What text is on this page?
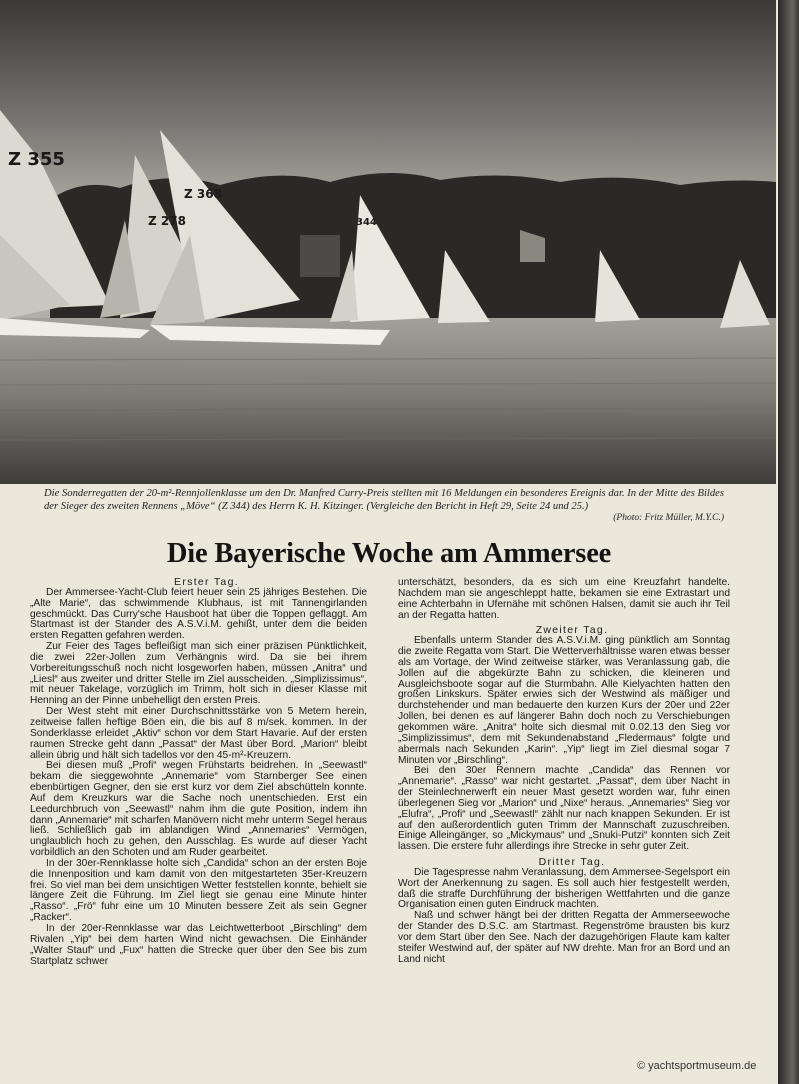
Z 355
Z 278
Z 368
344
Die Sonderregatten der 20-m²-Rennjollenklasse um den Dr. Manfred Curry-Preis stellten mit 16 Meldungen ein besonderes Ereignis dar. In der Mitte des Bildes der Sieger des zweiten Rennens „Möve“ (Z 344) des Herrn K. H. Kitzinger. (Vergleiche den Bericht in Heft 29, Seite 24 und 25.)
(Photo: Fritz Müller, M.Y.C.)
Die Bayerische Woche am Ammersee

Erster Tag.

Der Ammersee-Yacht-Club feiert heuer sein 25 jähriges Bestehen. Die „Alte Marie“, das schwimmende Klubhaus, ist mit Tannengirlanden geschmückt. Das Curry'sche Hausboot hat über die Toppen geflaggt. Am Startmast ist der Stander des A.S.V.i.M. gehißt, unter dem die beiden ersten Regatten gefahren werden.

Zur Feier des Tages befleißigt man sich einer präzisen Pünktlichkeit, die zwei 22er-Jollen zum Verhängnis wird. Da sie bei ihrem Vorbereitungsschuß noch nicht losgeworfen haben, müssen „Anitra“ und „Liesl“ aus zweiter und dritter Stelle im Ziel ausscheiden. „Simplizissimus“, mit neuer Takelage, vorzüglich im Trimm, holt sich in dieser Klasse mit Henning an der Pinne unbehelligt den ersten Preis.

Der West steht mit einer Durchschnittsstärke von 5 Metern herein, zeitweise fallen heftige Böen ein, die bis auf 8 m/sek. kommen. In der Sonderklasse erleidet „Aktiv“ schon vor dem Start Havarie. Auf der ersten raumen Strecke geht dann „Passat“ der Mast über Bord. „Marion“ bleibt allein übrig und hält sich tadellos vor den 45-m²-Kreuzern.

Bei diesen muß „Profi“ wegen Frühstarts beidrehen. In „Seewastl“ bekam die sieggewohnte „Annemarie“ vom Starnberger See einen ebenbürtigen Gegner, den sie erst kurz vor dem Ziel abschütteln konnte. Auf dem Kreuzkurs war die Sache noch unentschieden. Erst ein Leedurchbruch von „Seewastl“ nahm ihm die gute Position, indem ihn dann „Annemarie“ mit scharfen Manövern nicht mehr unterm Segel heraus ließ. Schließlich gab im ablandigen Wind „Annemaries“ Vermögen, unglaublich hoch zu gehen, den Ausschlag. Es wurde auf dieser Yacht vorbildlich an den Schoten und am Ruder gearbeitet.

In der 30er-Rennklasse holte sich „Candida“ schon an der ersten Boje die Innenposition und kam damit von den mitgestarteten 35er-Kreuzern frei. So viel man bei dem unsichtigen Wetter feststellen konnte, behielt sie längere Zeit die Führung. Im Ziel liegt sie genau eine Minute hinter „Rasso“. „Frö“ fuhr eine um 10 Minuten bessere Zeit als sein Gegner „Racker“.

In der 20er-Rennklasse war das Leichtwetterboot „Birschling“ dem Rivalen „Yip“ bei dem harten Wind nicht gewachsen. Die Einhänder „Walter Stauf“ und „Fux“ hatten die Strecke quer über den See bis zum Startplatz schwer

unterschätzt, besonders, da es sich um eine Kreuzfahrt handelte. Nachdem man sie angeschleppt hatte, bekamen sie eine Extrastart und eine Achterbahn in Ufernähe mit schönen Halsen, damit sie auch ihr Teil an der Regatta hatten.

Zweiter Tag.

Ebenfalls unterm Stander des A.S.V.i.M. ging pünktlich am Sonntag die zweite Regatta vom Start. Die Wetterverhältnisse waren etwas besser als am Vortage, der Wind zeitweise stärker, was Veranlassung gab, die Jollen auf die abgekürzte Bahn zu schicken, die kleineren und Ausgleichsboote sogar auf die Sturmbahn. Alle Kielyachten hatten den großen Linkskurs. Später erwies sich der Westwind als mäßiger und durchstehender und man bedauerte den kurzen Kurs der 20er und 22er Jollen, bei denen es auf längerer Bahn doch noch zu Verschiebungen gekommen wäre. „Anitra“ holte sich diesmal mit 0.02.13 den Sieg vor „Simplizissimus“, dem mit Sekundenabstand „Fledermaus“ folgte und abermals nach Sekunden „Karin“. „Yip“ liegt im Ziel diesmal sogar 7 Minuten vor „Birschling“.

Bei den 30er Rennern machte „Candida“ das Rennen vor „Annemarie“. „Rasso“ war nicht gestartet. „Passat“, dem über Nacht in der Steinlechnerwerft ein neuer Mast gesetzt worden war, fuhr einen überlegenen Sieg vor „Marion“ und „Nixe“ heraus. „Annemaries“ Sieg vor „Elufra“, „Profi“ und „Seewastl“ zählt nur nach knappen Sekunden. Er ist auf den außerordentlich guten Trimm der Mannschaft zuzuschreiben. Einige Alleingänger, so „Mickymaus“ und „Snuki-Putzi“ konnten sich Zeit lassen. Die erstere fuhr allerdings ihre Strecke in sehr guter Zeit.

Dritter Tag.

Die Tagespresse nahm Veranlassung, dem Ammersee-Segelsport ein Wort der Anerkennung zu sagen. Es soll auch hier festgestellt werden, daß die straffe Durchführung der bisherigen Wettfahrten und die ganze Organisation einen guten Eindruck machten.

Naß und schwer hängt bei der dritten Regatta der Ammerseewoche der Stander des D.S.C. am Startmast. Regenströme brausten bis kurz vor dem Start über den See. Nach der dazugehörigen Flaute kam kalter steifer Westwind auf, der später auf NW drehte. Man fror an Bord und an Land nicht

© yachtsportmuseum.de
